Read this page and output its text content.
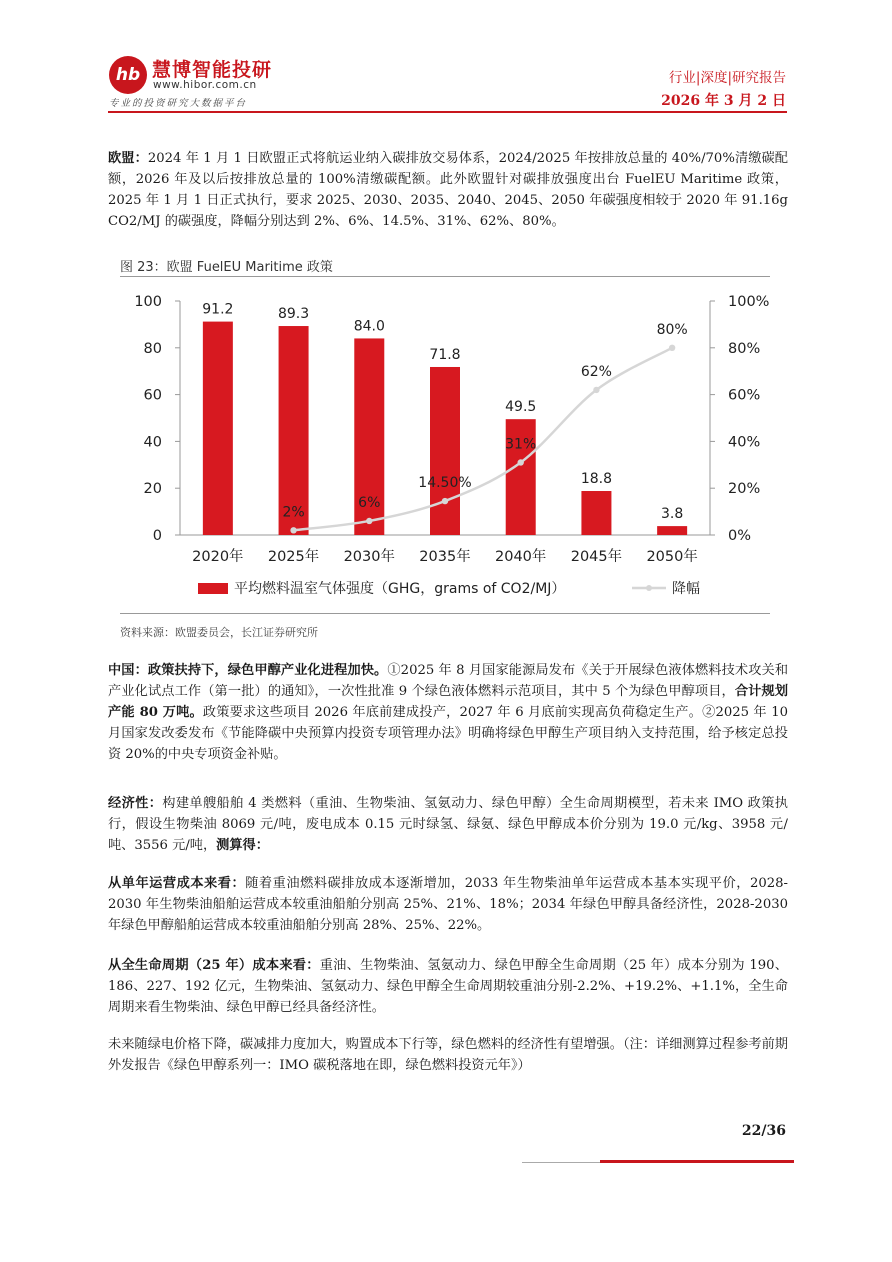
hb 慧博智能投研
www.hibor.com.cn
专业的投资研究大数据平台
行业|深度|研究报告
2026 年 3 月 2 日
欧盟：2024 年 1 月 1 日欧盟正式将航运业纳入碳排放交易体系，2024/2025 年按排放总量的 40%/70%清缴碳配额，2026 年及以后按排放总量的 100%清缴碳配额。此外欧盟针对碳排放强度出台 FuelEU Maritime 政策，2025 年 1 月 1 日正式执行，要求 2025、2030、2035、2040、2045、2050 年碳强度相较于 2020 年 91.16g CO2/MJ 的碳强度，降幅分别达到 2%、6%、14.5%、31%、62%、80%。
图 23：欧盟 FuelEU Maritime 政策
0
20
40
60
80
100
0%
20%
40%
60%
80%
100%
2020年 2025年 2030年 2035年 2040年 2045年 2050年
91.2	89.3
84.0
71.8
49.5
18.8
3.8
2%
6%
14.50%
31%
62%
80%
平均燃料温室气体强度（GHG，grams of CO2/MJ）	降幅
资料来源：欧盟委员会，长江证券研究所
中国：政策扶持下，绿色甲醇产业化进程加快。①2025 年 8 月国家能源局发布《关于开展绿色液体燃料技术攻关和产业化试点工作（第一批）的通知》，一次性批准 9 个绿色液体燃料示范项目，其中 5 个为绿色甲醇项目，合计规划产能 80 万吨。政策要求这些项目 2026 年底前建成投产，2027 年 6 月底前实现高负荷稳定生产。②2025 年 10 月国家发改委发布《节能降碳中央预算内投资专项管理办法》明确将绿色甲醇生产项目纳入支持范围，给予核定总投资 20%的中央专项资金补贴。
经济性：构建单艘船舶 4 类燃料（重油、生物柴油、氢氨动力、绿色甲醇）全生命周期模型，若未来 IMO 政策执行，假设生物柴油 8069 元/吨，废电成本 0.15 元时绿氢、绿氨、绿色甲醇成本价分别为 19.0 元/kg、3958 元/吨、3556 元/吨，测算得：
从单年运营成本来看：随着重油燃料碳排放成本逐渐增加，2033 年生物柴油单年运营成本基本实现平价，2028-2030 年生物柴油船舶运营成本较重油船舶分别高 25%、21%、18%；2034 年绿色甲醇具备经济性，2028-2030 年绿色甲醇船舶运营成本较重油船舶分别高 28%、25%、22%。
从全生命周期（25 年）成本来看：重油、生物柴油、氢氨动力、绿色甲醇全生命周期（25 年）成本分别为 190、186、227、192 亿元，生物柴油、氢氨动力、绿色甲醇全生命周期较重油分别-2.2%、+19.2%、+1.1%，全生命周期来看生物柴油、绿色甲醇已经具备经济性。
未来随绿电价格下降，碳减排力度加大，购置成本下行等，绿色燃料的经济性有望增强。（注：详细测算过程参考前期外发报告《绿色甲醇系列一：IMO 碳税落地在即，绿色燃料投资元年》）
22/36
